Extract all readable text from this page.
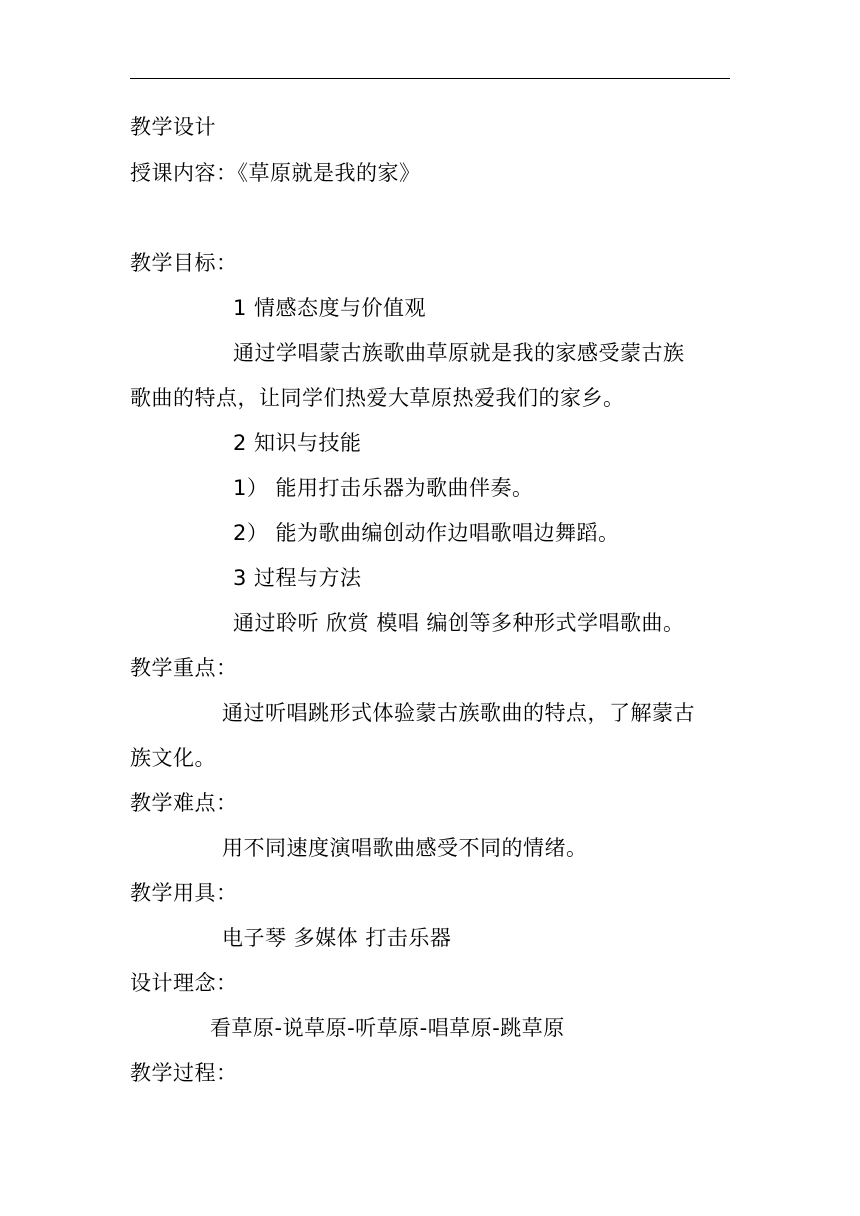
教学设计
授课内容：《草原就是我的家》
教学目标：
1 情感态度与价值观
通过学唱蒙古族歌曲草原就是我的家感受蒙古族
歌曲的特点，让同学们热爱大草原热爱我们的家乡。
2 知识与技能
1） 能用打击乐器为歌曲伴奏。
2） 能为歌曲编创动作边唱歌唱边舞蹈。
3 过程与方法
通过聆听 欣赏 模唱 编创等多种形式学唱歌曲。
教学重点：
通过听唱跳形式体验蒙古族歌曲的特点，了解蒙古
族文化。
教学难点：
用不同速度演唱歌曲感受不同的情绪。
教学用具：
电子琴 多媒体 打击乐器
设计理念：
看草原-说草原-听草原-唱草原-跳草原
教学过程：
